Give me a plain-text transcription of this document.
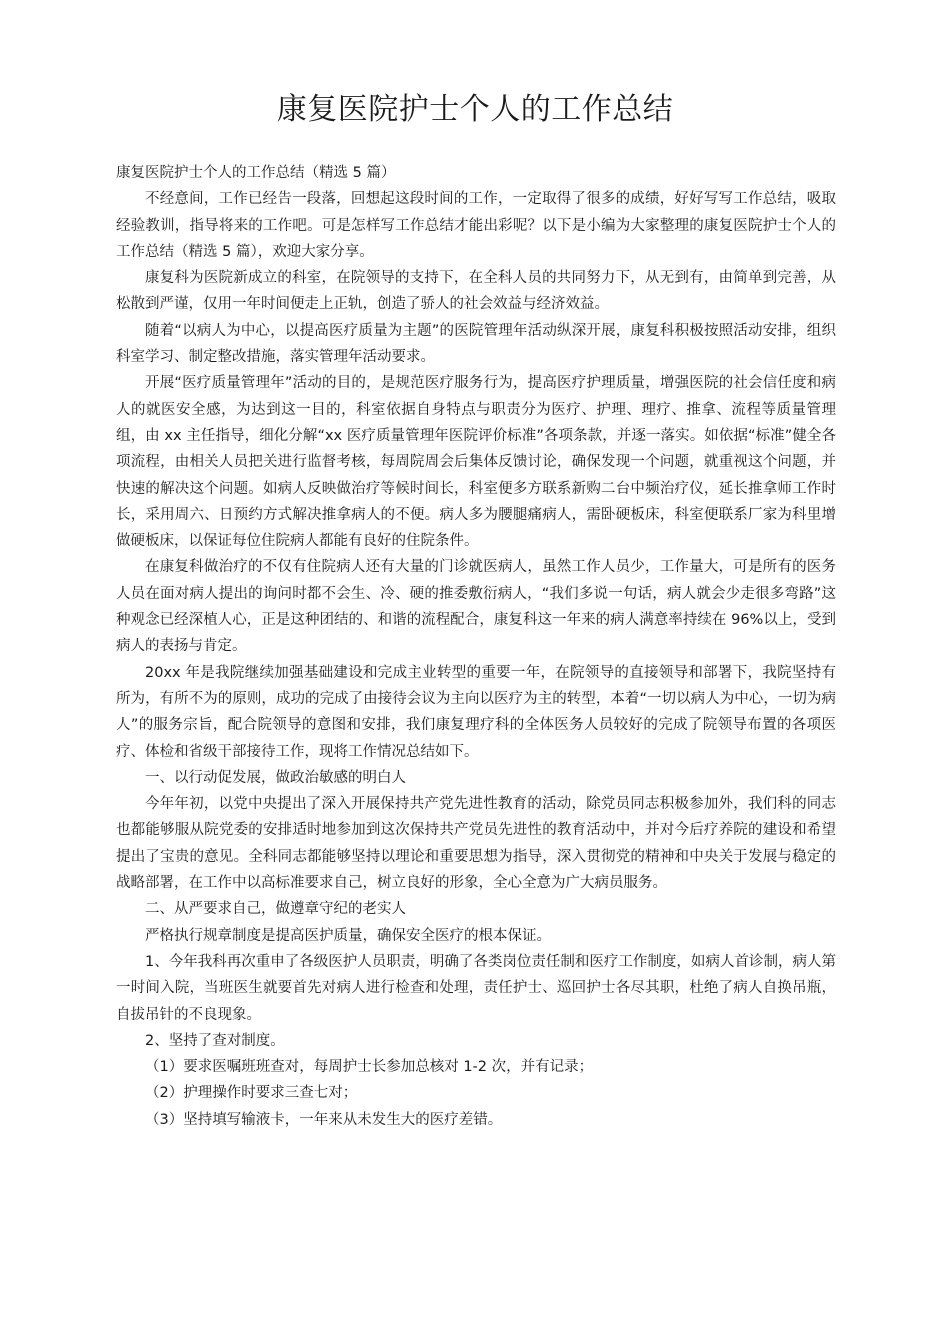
康复医院护士个人的工作总结

康复医院护士个人的工作总结（精选 5 篇）

不经意间，工作已经告一段落，回想起这段时间的工作，一定取得了很多的成绩，好好写写工作总结，吸取经验教训，指导将来的工作吧。可是怎样写工作总结才能出彩呢？以下是小编为大家整理的康复医院护士个人的工作总结（精选 5 篇），欢迎大家分享。

康复科为医院新成立的科室，在院领导的支持下，在全科人员的共同努力下，从无到有，由简单到完善，从松散到严谨，仅用一年时间便走上正轨，创造了骄人的社会效益与经济效益。

随着“以病人为中心，以提高医疗质量为主题”的医院管理年活动纵深开展，康复科积极按照活动安排，组织科室学习、制定整改措施，落实管理年活动要求。

开展“医疗质量管理年”活动的目的，是规范医疗服务行为，提高医疗护理质量，增强医院的社会信任度和病人的就医安全感，为达到这一目的，科室依据自身特点与职责分为医疗、护理、理疗、推拿、流程等质量管理组，由 xx 主任指导，细化分解“xx 医疗质量管理年医院评价标准”各项条款，并逐一落实。如依据“标准”健全各项流程，由相关人员把关进行监督考核，每周院周会后集体反馈讨论，确保发现一个问题，就重视这个问题，并快速的解决这个问题。如病人反映做治疗等候时间长，科室便多方联系新购二台中频治疗仪，延长推拿师工作时长，采用周六、日预约方式解决推拿病人的不便。病人多为腰腿痛病人，需卧硬板床，科室便联系厂家为科里增做硬板床，以保证每位住院病人都能有良好的住院条件。

在康复科做治疗的不仅有住院病人还有大量的门诊就医病人，虽然工作人员少，工作量大，可是所有的医务人员在面对病人提出的询问时都不会生、冷、硬的推委敷衍病人，“我们多说一句话，病人就会少走很多弯路”这种观念已经深植人心，正是这种团结的、和谐的流程配合，康复科这一年来的病人满意率持续在 96%以上，受到病人的表扬与肯定。

20xx 年是我院继续加强基础建设和完成主业转型的重要一年，在院领导的直接领导和部署下，我院坚持有所为，有所不为的原则，成功的完成了由接待会议为主向以医疗为主的转型，本着“一切以病人为中心，一切为病人”的服务宗旨，配合院领导的意图和安排，我们康复理疗科的全体医务人员较好的完成了院领导布置的各项医疗、体检和省级干部接待工作，现将工作情况总结如下。

一、以行动促发展，做政治敏感的明白人

今年年初，以党中央提出了深入开展保持共产党先进性教育的活动，除党员同志积极参加外，我们科的同志也都能够服从院党委的安排适时地参加到这次保持共产党员先进性的教育活动中，并对今后疗养院的建设和希望提出了宝贵的意见。全科同志都能够坚持以理论和重要思想为指导，深入贯彻党的精神和中央关于发展与稳定的战略部署，在工作中以高标准要求自己，树立良好的形象，全心全意为广大病员服务。

二、从严要求自己，做遵章守纪的老实人

严格执行规章制度是提高医护质量，确保安全医疗的根本保证。

1、今年我科再次重申了各级医护人员职责，明确了各类岗位责任制和医疗工作制度，如病人首诊制，病人第一时间入院，当班医生就要首先对病人进行检查和处理，责任护士、巡回护士各尽其职，杜绝了病人自换吊瓶，自拔吊针的不良现象。

2、坚持了查对制度。

（1）要求医嘱班班查对，每周护士长参加总核对 1-2 次，并有记录；

（2）护理操作时要求三查七对；

（3）坚持填写输液卡，一年来从未发生大的医疗差错。
